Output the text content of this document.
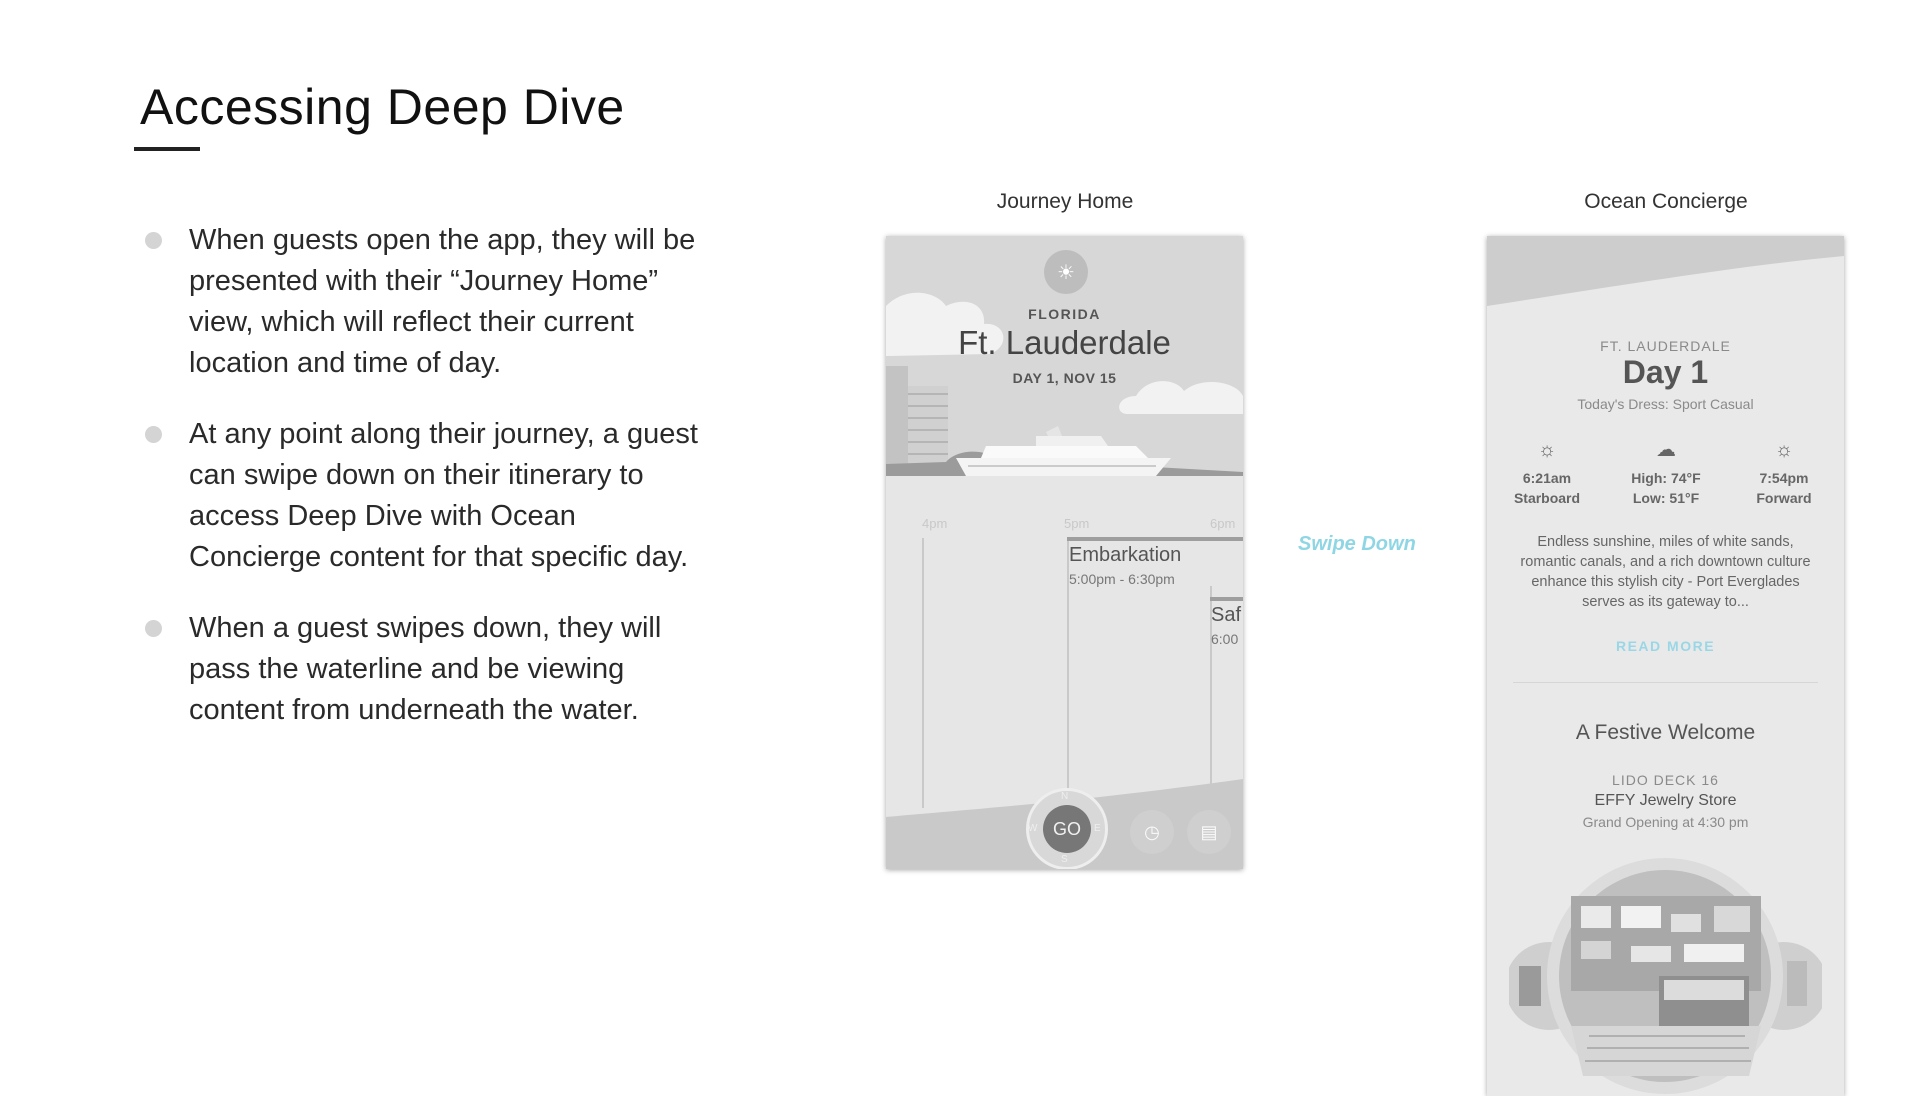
Accessing Deep Dive
When guests open the app, they will be presented with their “Journey Home” view, which will reflect their current location and time of day.
At any point along their journey, a guest can swipe down on their itinerary to access Deep Dive with Ocean Concierge content for that specific day.
When a guest swipes down, they will pass the waterline and be viewing content from underneath the water.
Journey Home	Ocean Concierge
☀
FLORIDA
Ft. Lauderdale
DAY 1, NOV 15
4pm	5pm	6pm
Embarkation
5:00pm - 6:30pm
Saf
6:00
N
E
S
W GO	◷	▤
Swipe Down
FT. LAUDERDALE
Day 1
Today's Dress: Sport Casual
☼
6:21am
Starboard
☁
High: 74°F
Low: 51°F
☼
7:54pm
Forward
Endless sunshine, miles of white sands, romantic canals, and a rich downtown culture enhance this stylish city - Port Everglades serves as its gateway to...
READ MORE
A Festive Welcome
LIDO DECK 16
EFFY Jewelry Store
Grand Opening at 4:30 pm
